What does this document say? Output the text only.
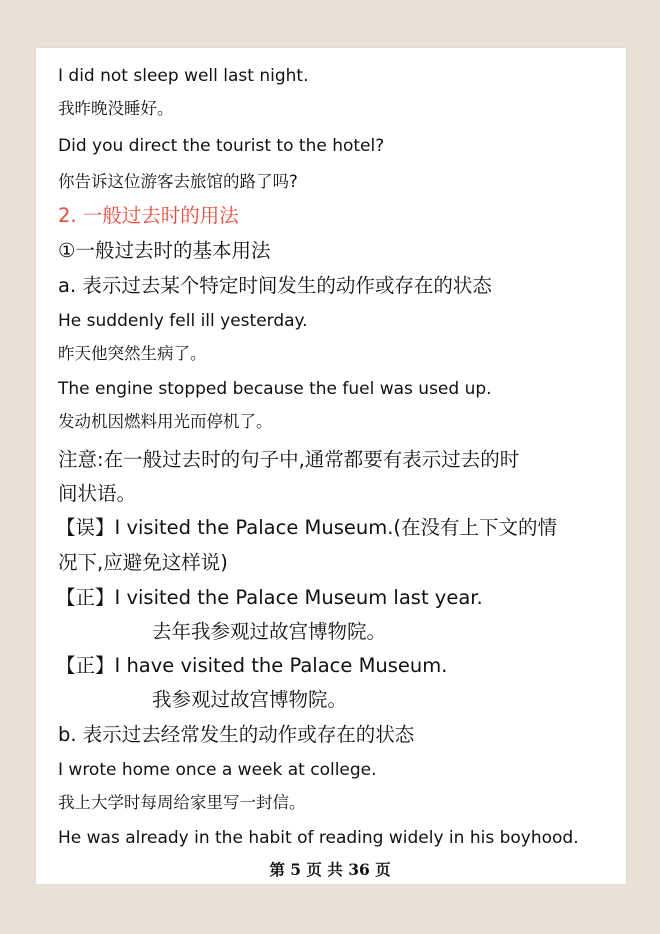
I did not sleep well last night.
我昨晚没睡好。
Did you direct the tourist to the hotel?
你告诉这位游客去旅馆的路了吗?
2. 一般过去时的用法
①一般过去时的基本用法
a. 表示过去某个特定时间发生的动作或存在的状态
He suddenly fell ill yesterday.
昨天他突然生病了。
The engine stopped because the fuel was used up.
发动机因燃料用光而停机了。
注意:在一般过去时的句子中,通常都要有表示过去的时
间状语。
【误】I visited the Palace Museum.(在没有上下文的情
况下,应避免这样说)
【正】I visited the Palace Museum last year.
去年我参观过故宫博物院。
【正】I have visited the Palace Museum.
我参观过故宫博物院。
b. 表示过去经常发生的动作或存在的状态
I wrote home once a week at college.
我上大学时每周给家里写一封信。
He was already in the habit of reading widely in his boyhood.
第 5 页 共 36 页
